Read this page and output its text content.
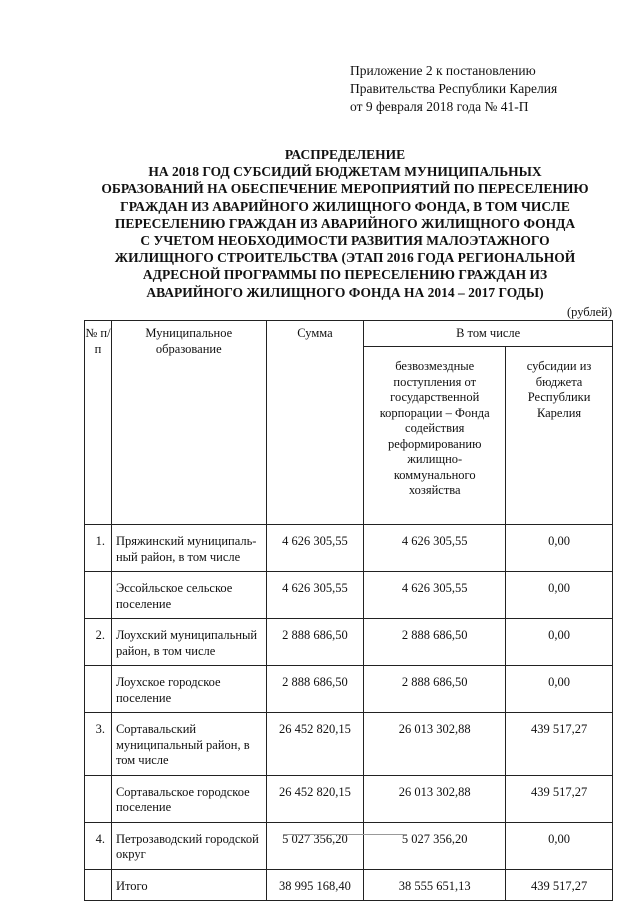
Приложение 2 к постановлению
Правительства Республики Карелия
от 9 февраля 2018 года № 41-П
РАСПРЕДЕЛЕНИЕ
НА 2018 ГОД СУБСИДИЙ БЮДЖЕТАМ МУНИЦИПАЛЬНЫХ
ОБРАЗОВАНИЙ НА ОБЕСПЕЧЕНИЕ МЕРОПРИЯТИЙ ПО ПЕРЕСЕЛЕНИЮ
ГРАЖДАН ИЗ АВАРИЙНОГО ЖИЛИЩНОГО ФОНДА, В ТОМ ЧИСЛЕ
ПЕРЕСЕЛЕНИЮ ГРАЖДАН ИЗ АВАРИЙНОГО ЖИЛИЩНОГО ФОНДА
С УЧЕТОМ НЕОБХОДИМОСТИ РАЗВИТИЯ МАЛОЭТАЖНОГО
ЖИЛИЩНОГО СТРОИТЕЛЬСТВА (ЭТАП 2016 ГОДА РЕГИОНАЛЬНОЙ
АДРЕСНОЙ ПРОГРАММЫ ПО ПЕРЕСЕЛЕНИЮ ГРАЖДАН ИЗ
АВАРИЙНОГО ЖИЛИЩНОГО ФОНДА НА 2014 – 2017 ГОДЫ)
(рублей)
№ п/п	Муниципальное образование	Сумма	В том числе	
			безвозмездные поступления от государственной корпорации – Фонда содействия реформированию жилищно-коммунального хозяйства	субсидии из бюджета Республики Карелия
1.	Пряжинский муниципаль-ный район, в том числе	4 626 305,55	4 626 305,55	0,00
	Эссойльское сельское поселение	4 626 305,55	4 626 305,55	0,00
2.	Лоухский муниципальный район, в том числе	2 888 686,50	2 888 686,50	0,00
	Лоухское городское поселение	2 888 686,50	2 888 686,50	0,00
3.	Сортавальский муниципальный район, в том числе	26 452 820,15	26 013 302,88	439 517,27
	Сортавальское городское поселение	26 452 820,15	26 013 302,88	439 517,27
4.	Петрозаводский городской округ	5 027 356,20	5 027 356,20	0,00
	Итого	38 995 168,40	38 555 651,13	439 517,27
